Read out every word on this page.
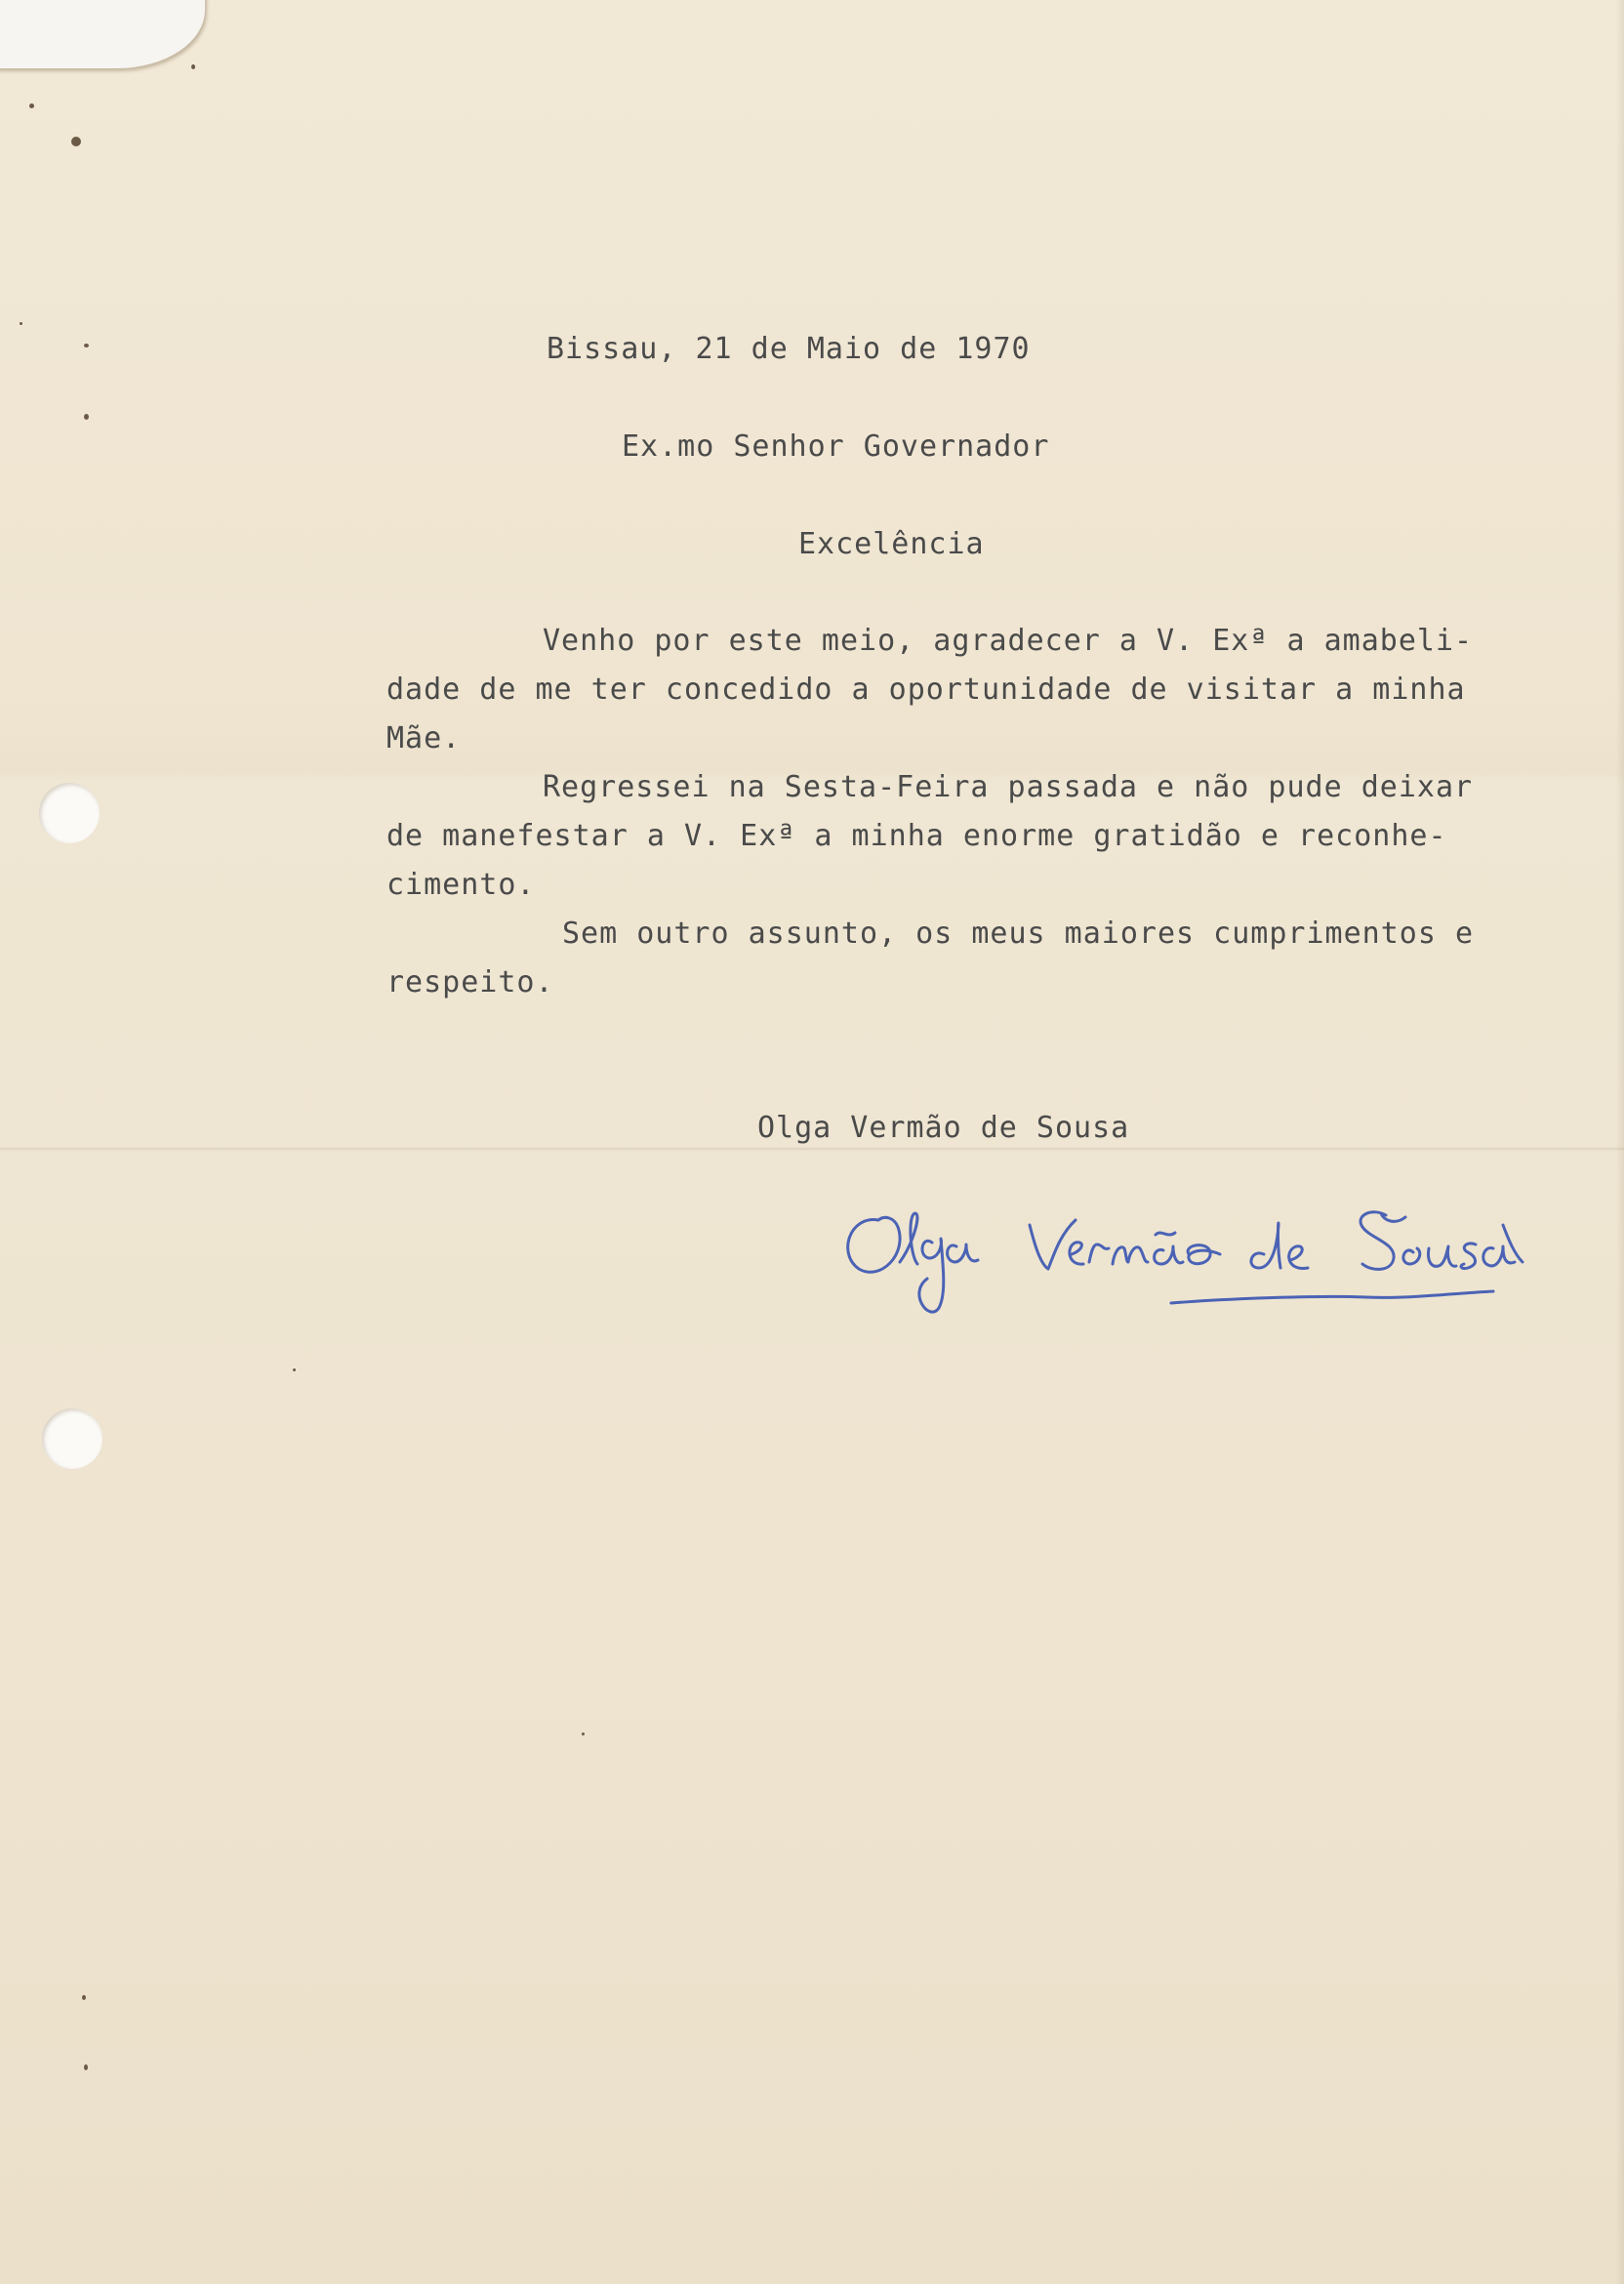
Bissau, 21 de Maio de 1970
Ex.mo Senhor Governador
Excelência
Venho por este meio, agradecer a V. Exª a amabeli-
dade de me ter concedido a oportunidade de visitar a minha
Mãe.
Regressei na Sesta-Feira passada e não pude deixar
de manefestar a V. Exª a minha enorme gratidão e reconhe-
cimento.
Sem outro assunto, os meus maiores cumprimentos e
respeito.
Olga Vermão de Sousa
